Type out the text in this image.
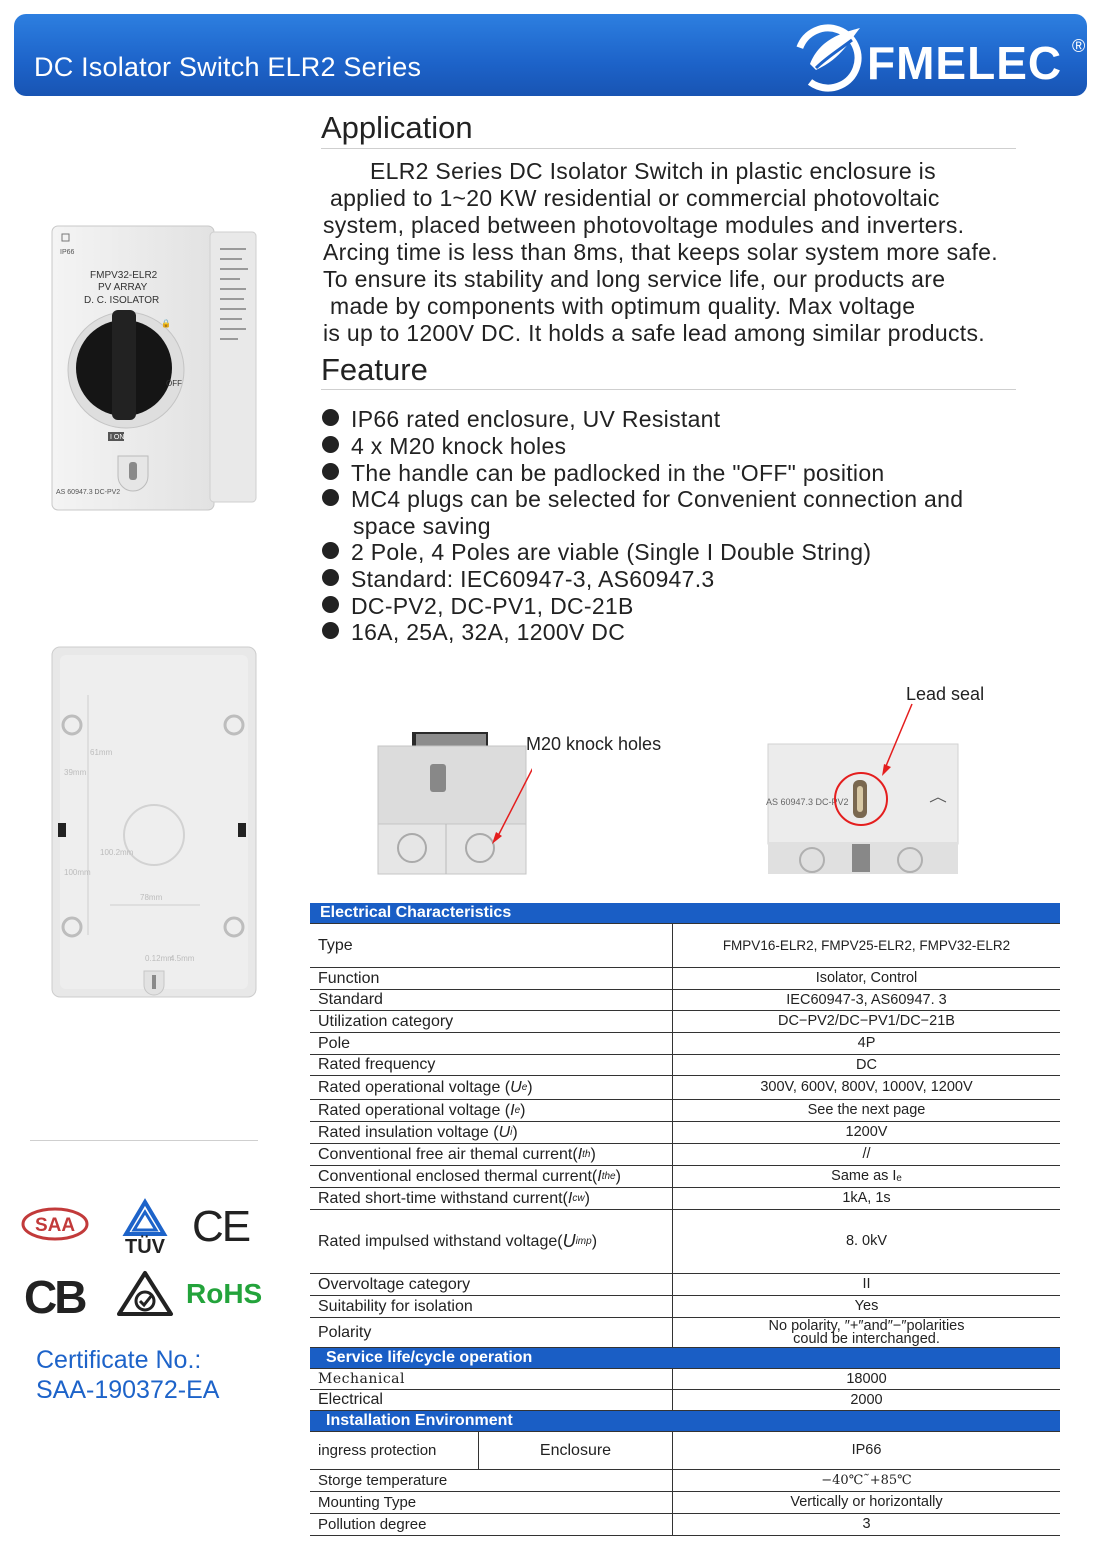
DC Isolator Switch ELR2 Series	FMELEC ®
IP66
FMPV32-ELR2
PV ARRAY
D. C. ISOLATOR
🔒
OFF
I ON
AS 60947.3 DC-PV2
61mm
39mm
100.2mm
100mm
78mm
4.5mm
0.12mm
SAA
TÜV CE
CB
RCM
RoHS
Certificate No.:
SAA-190372-EA
Application
ELR2 Series DC Isolator Switch in plastic enclosure is
applied to 1~20 KW residential or commercial photovoltaic
system, placed between photovoltage modules and inverters.
Arcing time is less than 8ms, that keeps solar system more safe.
To ensure its stability and long service life, our products are
made by components with optimum quality. Max voltage
is up to 1200V DC. It holds a safe lead among similar products.
Feature
IP66 rated enclosure, UV Resistant
4 x M20 knock holes
The handle can be padlocked in the "OFF" position
MC4 plugs can be selected for Convenient connection and
space saving
2 Pole, 4 Poles are viable (Single I Double String)
Standard: IEC60947-3, AS60947.3
DC-PV2, DC-PV1, DC-21B
16A, 25A, 32A, 1200V DC
M20 knock holes
Lead seal
AS 60947.3 DC-PV2
Electrical Characteristics
Type	FMPV16-ELR2, FMPV25-ELR2, FMPV32-ELR2
Function	Isolator, Control
Standard	IEC60947-3, AS60947. 3
Utilization category	DC−PV2/DC−PV1/DC−21B
Pole	4P
Rated frequency	DC
Rated operational voltage ( U e )	300V, 600V, 800V, 1000V, 1200V
Rated operational voltage ( I e )	See the next page
Rated insulation voltage ( U i )	1200V
Conventional free air themal current( I th )	//
Conventional enclosed thermal current( I the )	Same as Iₑ
Rated short-time withstand current( I cw )	1kA, 1s
Rated impulsed withstand voltage( U imp )	8. 0kV
Overvoltage category	II
Suitability for isolation	Yes
Polarity	No polarity, ″+″and″−″polarities
could be interchanged.
Service life/cycle operation
Mechanical	18000
Electrical	2000
Installation Environment
ingress protection	Enclosure	IP66
Storge temperature	−40℃˜+85℃
Mounting Type	Vertically or horizontally
Pollution degree	3
